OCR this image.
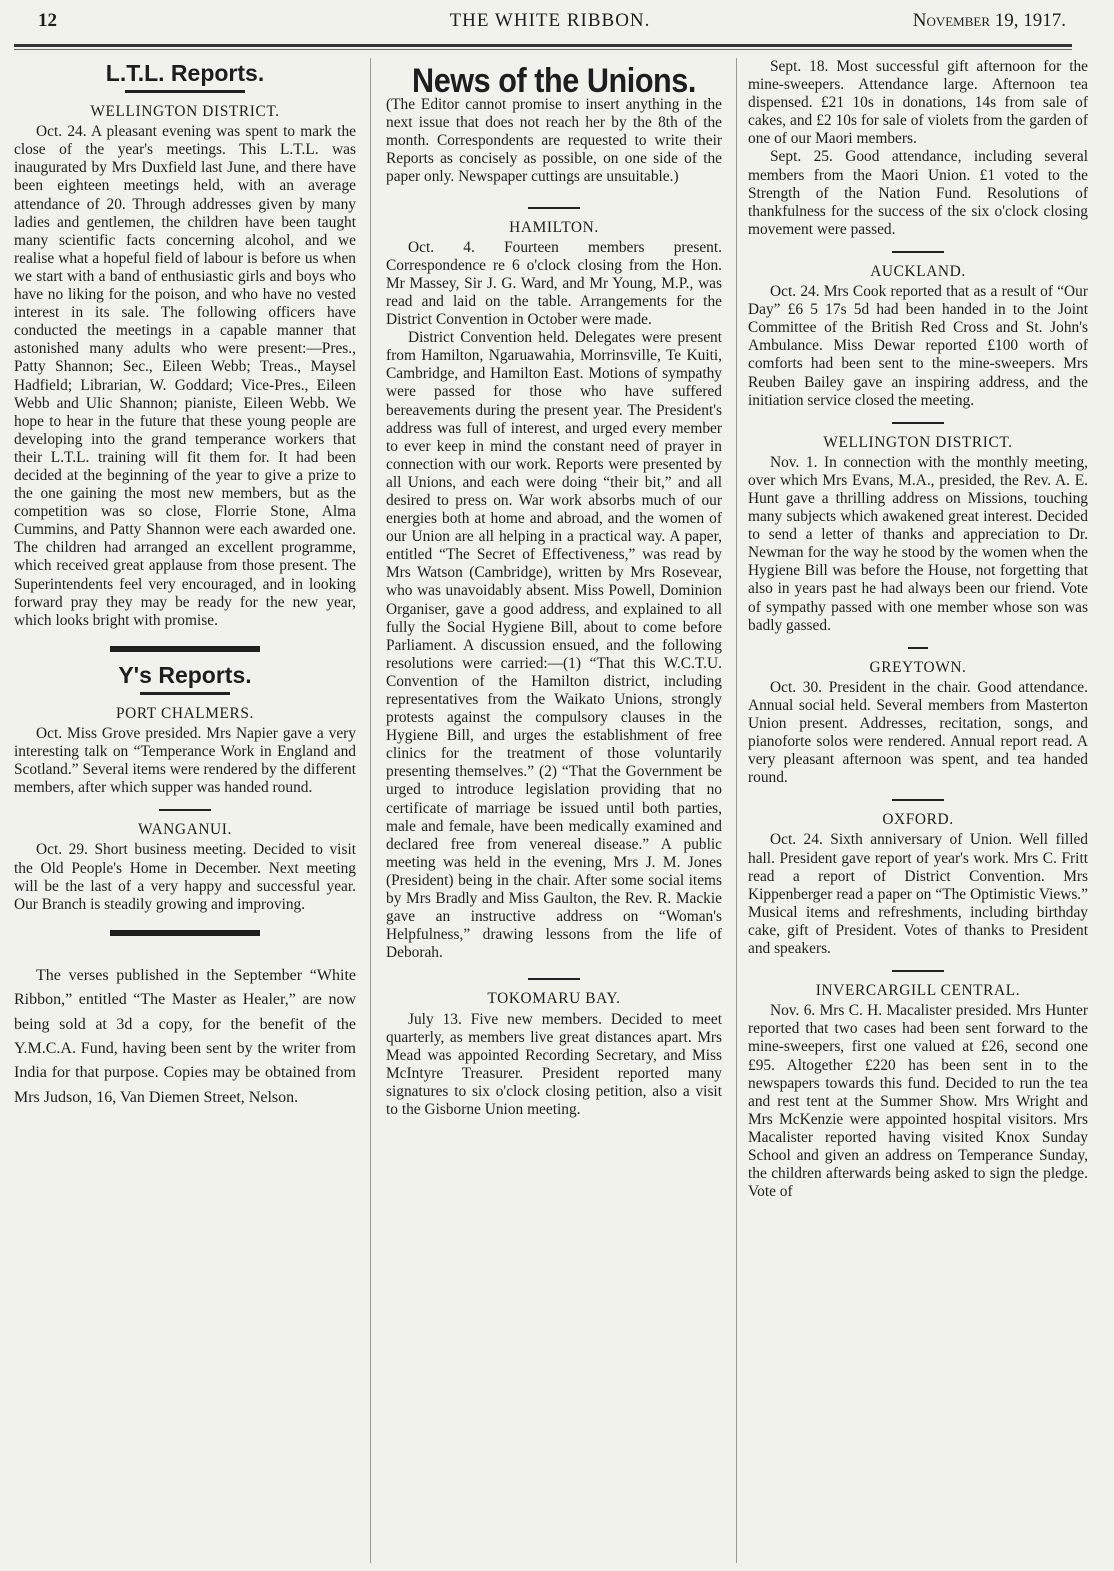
12	THE WHITE RIBBON.	November 19, 1917.
L.T.L. Reports.
WELLINGTON DISTRICT.

Oct. 24. A pleasant evening was spent to mark the close of the year's meetings. This L.T.L. was inaugurated by Mrs Duxfield last June, and there have been eighteen meetings held, with an average attendance of 20. Through addresses given by many ladies and gentlemen, the children have been taught many scientific facts concerning alcohol, and we realise what a hopeful field of labour is before us when we start with a band of enthusiastic girls and boys who have no liking for the poison, and who have no vested interest in its sale. The following officers have conducted the meetings in a capable manner that astonished many adults who were present:—Pres., Patty Shannon; Sec., Eileen Webb; Treas., Maysel Hadfield; Librarian, W. Goddard; Vice-Pres., Eileen Webb and Ulic Shannon; pianiste, Eileen Webb. We hope to hear in the future that these young people are developing into the grand temperance workers that their L.T.L. training will fit them for. It had been decided at the beginning of the year to give a prize to the one gaining the most new members, but as the competition was so close, Florrie Stone, Alma Cummins, and Patty Shannon were each awarded one. The children had arranged an excellent programme, which received great applause from those present. The Superintendents feel very encouraged, and in looking forward pray they may be ready for the new year, which looks bright with promise.

Y's Reports.
PORT CHALMERS.

Oct. Miss Grove presided. Mrs Napier gave a very interesting talk on “Temperance Work in England and Scotland.” Several items were rendered by the different members, after which supper was handed round.

WANGANUI.

Oct. 29. Short business meeting. Decided to visit the Old People's Home in December. Next meeting will be the last of a very happy and successful year. Our Branch is steadily growing and improving.

The verses published in the September “White Ribbon,” entitled “The Master as Healer,” are now being sold at 3d a copy, for the benefit of the Y.M.C.A. Fund, having been sent by the writer from India for that purpose. Copies may be obtained from Mrs Judson, 16, Van Diemen Street, Nelson.

News of the Unions.

(The Editor cannot promise to insert anything in the next issue that does not reach her by the 8th of the month. Correspondents are requested to write their Reports as concisely as possible, on one side of the paper only. Newspaper cuttings are unsuitable.)

HAMILTON.

Oct. 4. Fourteen members present. Correspondence re 6 o'clock closing from the Hon. Mr Massey, Sir J. G. Ward, and Mr Young, M.P., was read and laid on the table. Arrangements for the District Convention in October were made.

District Convention held. Delegates were present from Hamilton, Ngaruawahia, Morrinsville, Te Kuiti, Cambridge, and Hamilton East. Motions of sympathy were passed for those who have suffered bereavements during the present year. The President's address was full of interest, and urged every member to ever keep in mind the constant need of prayer in connection with our work. Reports were presented by all Unions, and each were doing “their bit,” and all desired to press on. War work absorbs much of our energies both at home and abroad, and the women of our Union are all helping in a practical way. A paper, entitled “The Secret of Effectiveness,” was read by Mrs Watson (Cambridge), written by Mrs Rosevear, who was unavoidably absent. Miss Powell, Dominion Organiser, gave a good address, and explained to all fully the Social Hygiene Bill, about to come before Parliament. A discussion ensued, and the following resolutions were carried:—(1) “That this W.C.T.U. Convention of the Hamilton district, including representatives from the Waikato Unions, strongly protests against the compulsory clauses in the Hygiene Bill, and urges the establishment of free clinics for the treatment of those voluntarily presenting themselves.” (2) “That the Government be urged to introduce legislation providing that no certificate of marriage be issued until both parties, male and female, have been medically examined and declared free from venereal disease.” A public meeting was held in the evening, Mrs J. M. Jones (President) being in the chair. After some social items by Mrs Bradly and Miss Gaulton, the Rev. R. Mackie gave an instructive address on “Woman's Helpfulness,” drawing lessons from the life of Deborah.

TOKOMARU BAY.

July 13. Five new members. Decided to meet quarterly, as members live great distances apart. Mrs Mead was appointed Recording Secretary, and Miss McIntyre Treasurer. President reported many signatures to six o'clock closing petition, also a visit to the Gisborne Union meeting.

Sept. 18. Most successful gift afternoon for the mine-sweepers. Attendance large. Afternoon tea dispensed. £21 10s in donations, 14s from sale of cakes, and £2 10s for sale of violets from the garden of one of our Maori members.

Sept. 25. Good attendance, including several members from the Maori Union. £1 voted to the Strength of the Nation Fund. Resolutions of thankfulness for the success of the six o'clock closing movement were passed.

AUCKLAND.

Oct. 24. Mrs Cook reported that as a result of “Our Day” £6 5 17s 5d had been handed in to the Joint Committee of the British Red Cross and St. John's Ambulance. Miss Dewar reported £100 worth of comforts had been sent to the mine-sweepers. Mrs Reuben Bailey gave an inspiring address, and the initiation service closed the meeting.

WELLINGTON DISTRICT.

Nov. 1. In connection with the monthly meeting, over which Mrs Evans, M.A., presided, the Rev. A. E. Hunt gave a thrilling address on Missions, touching many subjects which awakened great interest. Decided to send a letter of thanks and appreciation to Dr. Newman for the way he stood by the women when the Hygiene Bill was before the House, not forgetting that also in years past he had always been our friend. Vote of sympathy passed with one member whose son was badly gassed.

GREYTOWN.

Oct. 30. President in the chair. Good attendance. Annual social held. Several members from Masterton Union present. Addresses, recitation, songs, and pianoforte solos were rendered. Annual report read. A very pleasant afternoon was spent, and tea handed round.

OXFORD.

Oct. 24. Sixth anniversary of Union. Well filled hall. President gave report of year's work. Mrs C. Fritt read a report of District Convention. Mrs Kippenberger read a paper on “The Optimistic Views.” Musical items and refreshments, including birthday cake, gift of President. Votes of thanks to President and speakers.

INVERCARGILL CENTRAL.

Nov. 6. Mrs C. H. Macalister presided. Mrs Hunter reported that two cases had been sent forward to the mine-sweepers, first one valued at £26, second one £95. Altogether £220 has been sent in to the newspapers towards this fund. Decided to run the tea and rest tent at the Summer Show. Mrs Wright and Mrs McKenzie were appointed hospital visitors. Mrs Macalister reported having visited Knox Sunday School and given an address on Temperance Sunday, the children afterwards being asked to sign the pledge. Vote of
